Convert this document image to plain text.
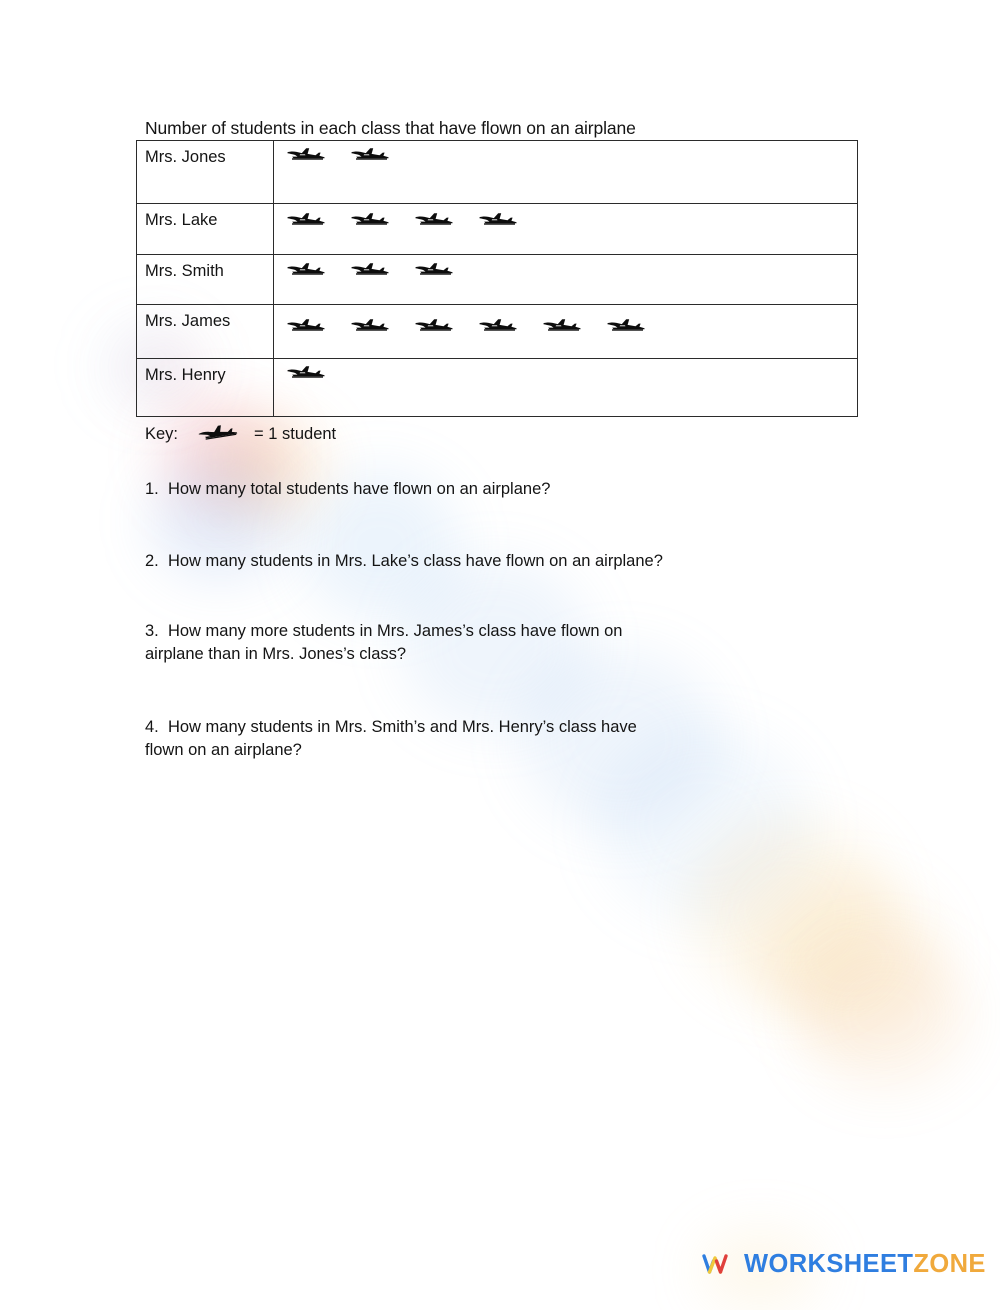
Number of students in each class that have flown on an airplane
Mrs. Jones	

Mrs. Lake	

Mrs. Smith	

Mrs. James	

Mrs. Henry	
Key:	= 1 student
1. How many total students have flown on an airplane?
2. How many students in Mrs. Lake’s class have flown on an airplane?
3. How many more students in Mrs. James’s class have flown on
airplane than in Mrs. Jones’s class?
4. How many students in Mrs. Smith’s and Mrs. Henry’s class have
flown on an airplane?
WORKSHEETZONE
